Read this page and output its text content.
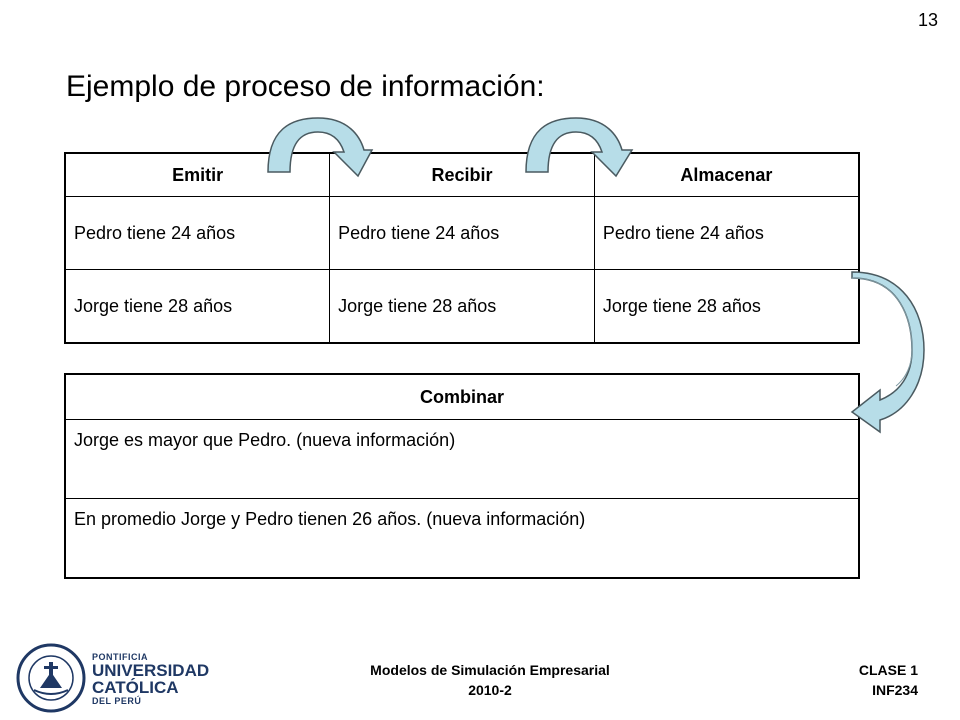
13
Ejemplo de proceso de información:
Emitir	Recibir	Almacenar
Pedro tiene 24 años	Pedro tiene 24 años	Pedro tiene 24 años
Jorge tiene 28 años	Jorge tiene 28 años	Jorge tiene 28 años
Combinar
Jorge es mayor que Pedro. (nueva información)
En promedio Jorge y Pedro tienen 26 años. (nueva información)
PONTIFICIA
UNIVERSIDAD
CATÓLICA
DEL PERÚ
Modelos de Simulación Empresarial
2010-2
CLASE 1
INF234
